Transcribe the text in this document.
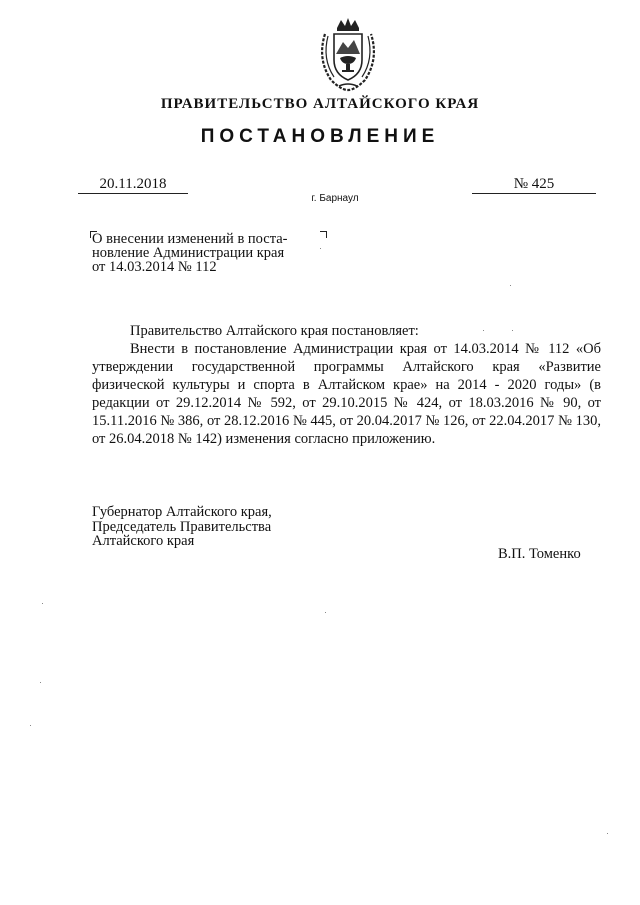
ПРАВИТЕЛЬСТВО АЛТАЙСКОГО КРАЯ
ПОСТАНОВЛЕНИЕ
20.11.2018	№ 425
г. Барнаул
О внесении изменений в поста-
новление Администрации края
от 14.03.2014 № 112

Правительство Алтайского края постановляет:

Внести в постановление Администрации края от 14.03.2014 № 112 «Об утверждении государственной программы Алтайского края «Развитие физической культуры и спорта в Алтайском крае» на 2014 - 2020 годы» (в редакции от 29.12.2014 № 592, от 29.10.2015 № 424, от 18.03.2016 № 90, от 15.11.2016 № 386, от 28.12.2016 № 445, от 20.04.2017 № 126, от 22.04.2017 № 130, от 26.04.2018 № 142) изменения согласно приложению.

Губернатор Алтайского края,
Председатель Правительства
Алтайского края
В.П. Томенко
